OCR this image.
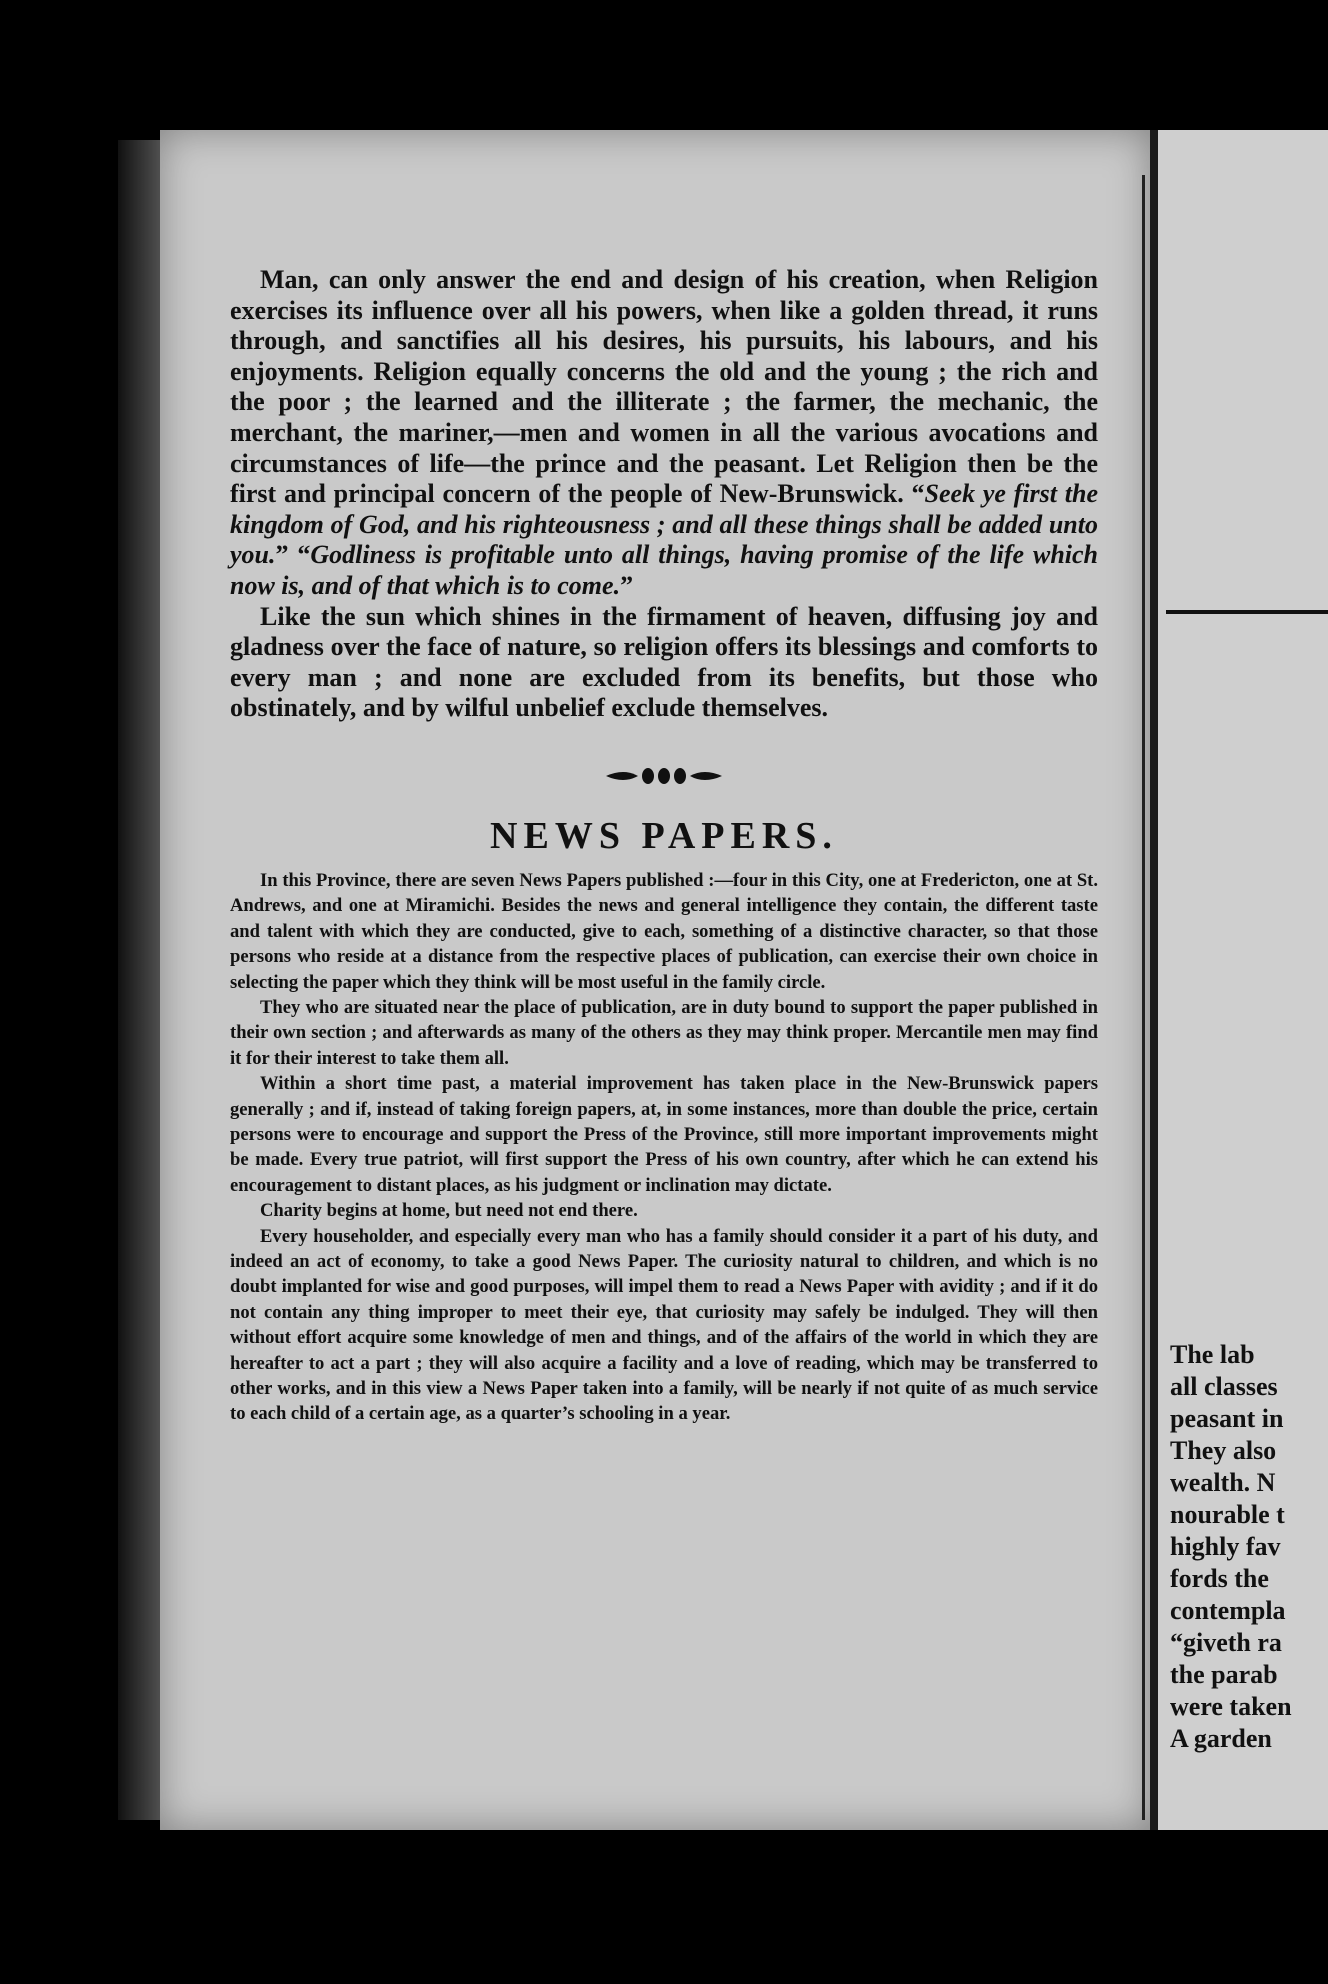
The lab
all classes
peasant in
They also
wealth. N
nourable t
highly fav
fords the
contempla
“giveth ra
the parab
were taken
A garden

Man, can only answer the end and design of his creation, when Religion exercises its influence over all his powers, when like a golden thread, it runs through, and sanctifies all his desires, his pursuits, his labours, and his enjoyments. Religion equally concerns the old and the young ; the rich and the poor ; the learned and the illiterate ; the farmer, the mechanic, the merchant, the mariner,—men and women in all the various avocations and circumstances of life—the prince and the peasant. Let Religion then be the first and principal concern of the people of New-Brunswick. “Seek ye first the kingdom of God, and his righteousness ; and all these things shall be added unto you.” “Godliness is profitable unto all things, having promise of the life which now is, and of that which is to come.”

Like the sun which shines in the firmament of heaven, diffusing joy and gladness over the face of nature, so religion offers its blessings and comforts to every man ; and none are excluded from its benefits, but those who obstinately, and by wilful unbelief exclude themselves.

NEWS PAPERS.

In this Province, there are seven News Papers published :—four in this City, one at Fredericton, one at St. Andrews, and one at Miramichi. Besides the news and general intelligence they contain, the different taste and talent with which they are conducted, give to each, something of a distinctive character, so that those persons who reside at a distance from the respective places of publication, can exercise their own choice in selecting the paper which they think will be most useful in the family circle.

They who are situated near the place of publication, are in duty bound to support the paper published in their own section ; and afterwards as many of the others as they may think proper. Mercantile men may find it for their interest to take them all.

Within a short time past, a material improvement has taken place in the New-Brunswick papers generally ; and if, instead of taking foreign papers, at, in some instances, more than double the price, certain persons were to encourage and support the Press of the Province, still more important improvements might be made. Every true patriot, will first support the Press of his own country, after which he can extend his encouragement to distant places, as his judgment or inclination may dictate.

Charity begins at home, but need not end there.

Every householder, and especially every man who has a family should consider it a part of his duty, and indeed an act of economy, to take a good News Paper. The curiosity natural to children, and which is no doubt implanted for wise and good purposes, will impel them to read a News Paper with avidity ; and if it do not contain any thing improper to meet their eye, that curiosity may safely be indulged. They will then without effort acquire some knowledge of men and things, and of the affairs of the world in which they are hereafter to act a part ; they will also acquire a facility and a love of reading, which may be transferred to other works, and in this view a News Paper taken into a family, will be nearly if not quite of as much service to each child of a certain age, as a quarter’s schooling in a year.
